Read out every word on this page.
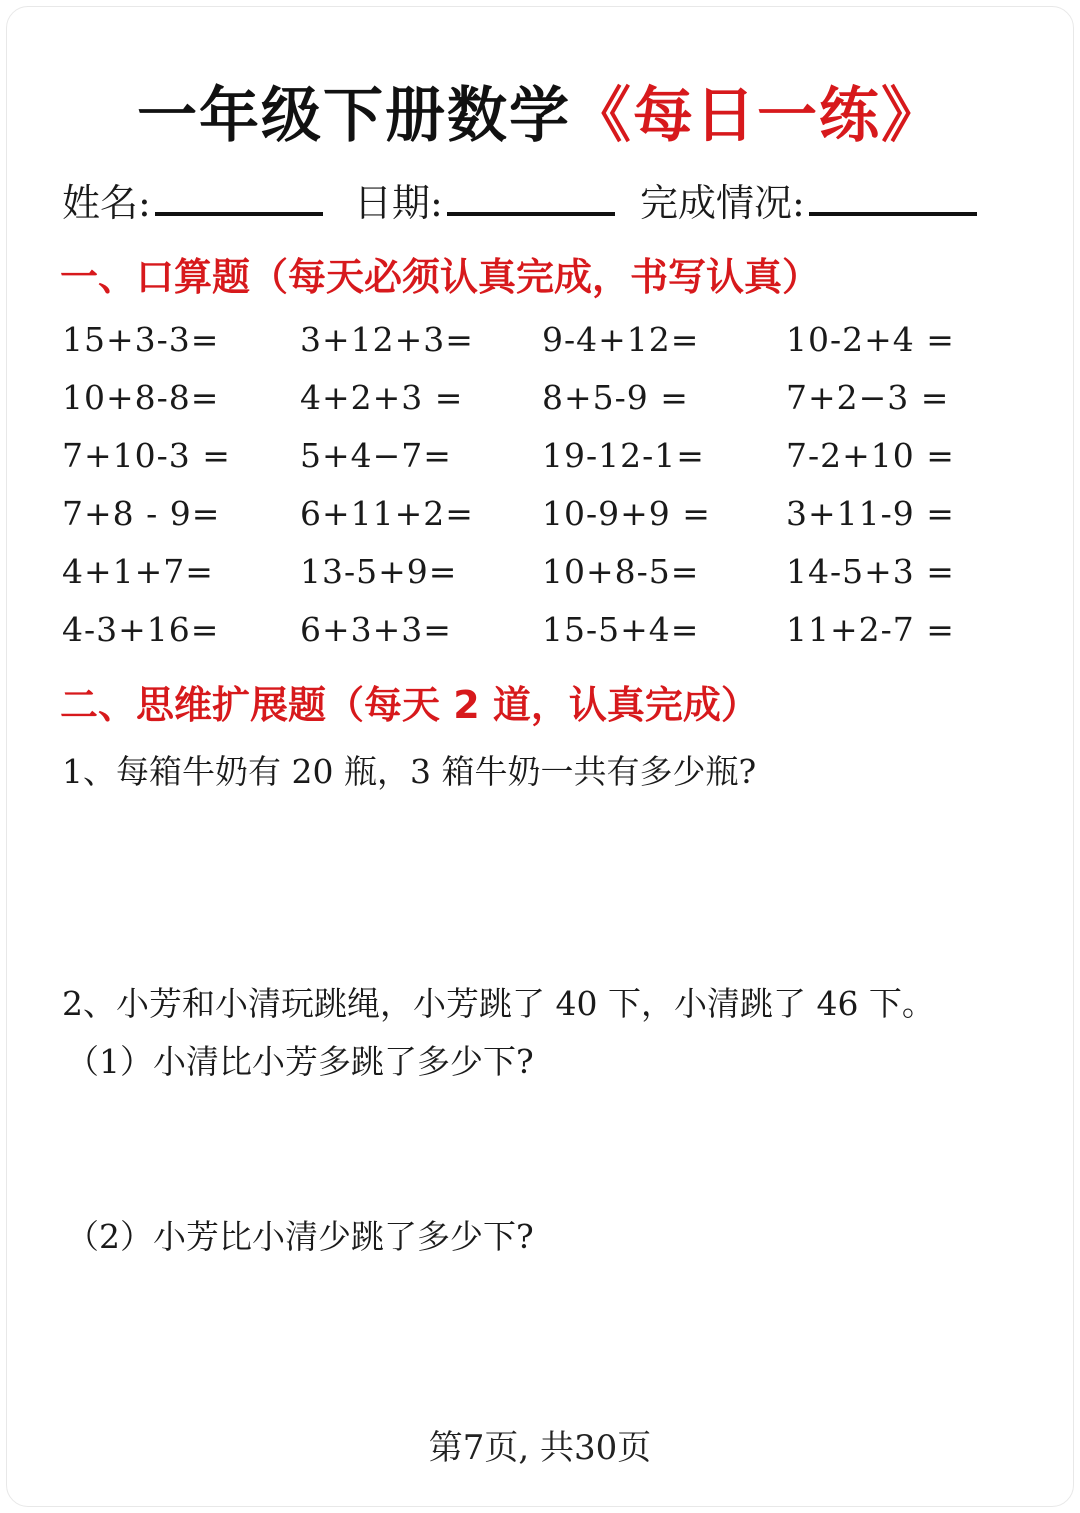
一年级下册数学《每日一练》
姓名:	日期:	完成情况:
一、口算题（每天必须认真完成，书写认真）
15+3-3= 3+12+3= 9-4+12=	10-2+4 =
10+8-8= 4+2+3 = 8+5-9 =	7+2−3 =
7+10-3 = 5+4−7=	19-12-1= 7-2+10 =
7+8 - 9= 6+11+2= 10-9+9 = 3+11-9 =
4+1+7=	13-5+9=	10+8-5=	14-5+3 =
4-3+16= 6+3+3=	15-5+4=	11+2-7 =
二、思维扩展题（每天 2 道，认真完成）
1、每箱牛奶有 20 瓶，3 箱牛奶一共有多少瓶?
2、小芳和小清玩跳绳，小芳跳了 40 下，小清跳了 46 下。
（1）小清比小芳多跳了多少下?
（2）小芳比小清少跳了多少下?
第7页, 共30页
